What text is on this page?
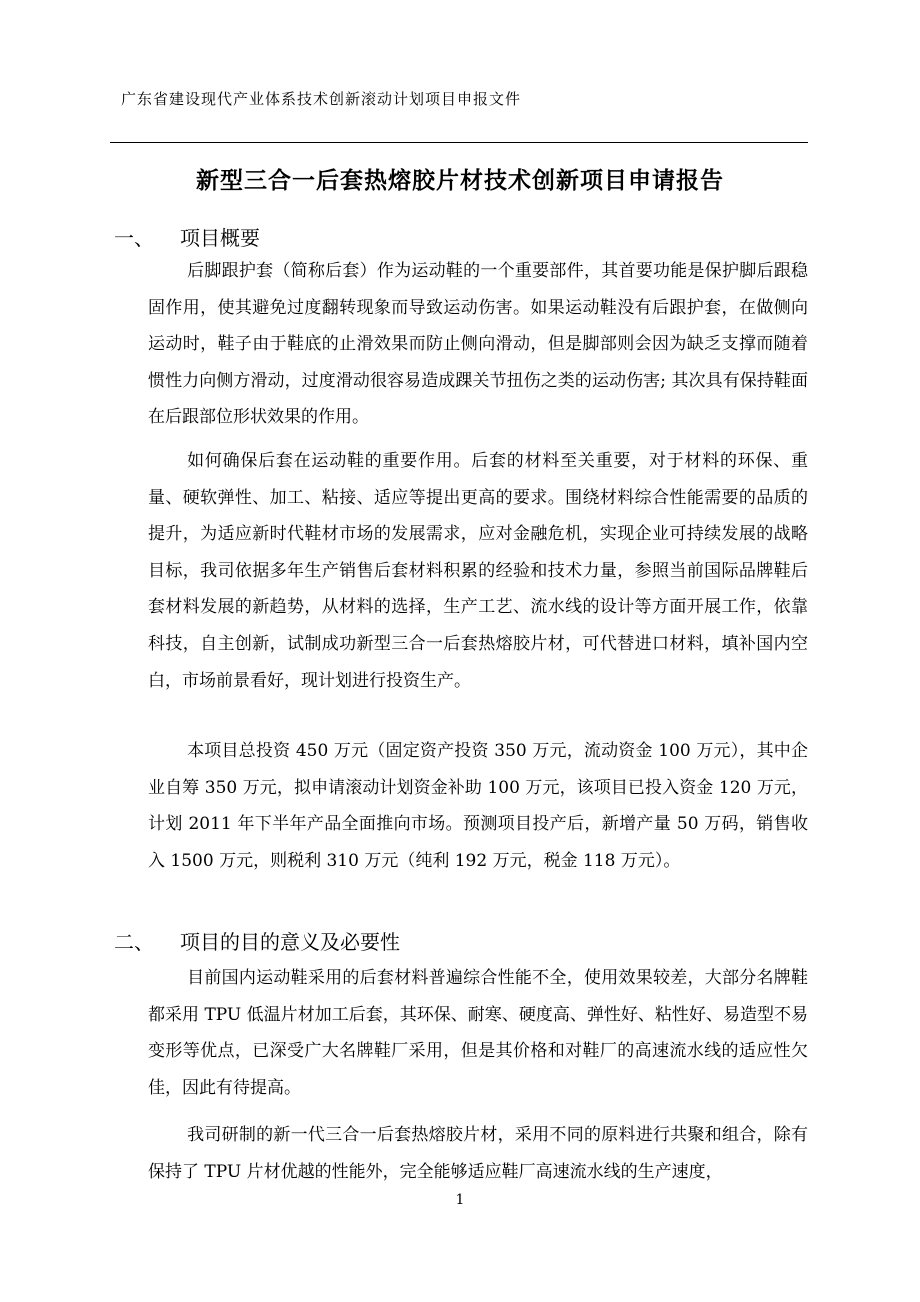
广东省建设现代产业体系技术创新滚动计划项目申报文件
新型三合一后套热熔胶片材技术创新项目申请报告
一、 项目概要

后脚跟护套（简称后套）作为运动鞋的一个重要部件，其首要功能是保护脚后跟稳固作用，使其避免过度翻转现象而导致运动伤害。如果运动鞋没有后跟护套，在做侧向运动时，鞋子由于鞋底的止滑效果而防止侧向滑动，但是脚部则会因为缺乏支撑而随着惯性力向侧方滑动，过度滑动很容易造成踝关节扭伤之类的运动伤害; 其次具有保持鞋面在后跟部位形状效果的作用。

如何确保后套在运动鞋的重要作用。后套的材料至关重要，对于材料的环保、重量、硬软弹性、加工、粘接、适应等提出更高的要求。围绕材料综合性能需要的品质的提升，为适应新时代鞋材市场的发展需求，应对金融危机，实现企业可持续发展的战略目标，我司依据多年生产销售后套材料积累的经验和技术力量，参照当前国际品牌鞋后套材料发展的新趋势，从材料的选择，生产工艺、流水线的设计等方面开展工作，依靠科技，自主创新，试制成功新型三合一后套热熔胶片材，可代替进口材料，填补国内空白，市场前景看好，现计划进行投资生产。

本项目总投资 450 万元（固定资产投资 350 万元，流动资金 100 万元），其中企业自筹 350 万元，拟申请滚动计划资金补助 100 万元，该项目已投入资金 120 万元，计划 2011 年下半年产品全面推向市场。预测项目投产后，新增产量 50 万码，销售收入 1500 万元，则税利 310 万元（纯利 192 万元，税金 118 万元）。

二、 项目的目的意义及必要性

目前国内运动鞋采用的后套材料普遍综合性能不全，使用效果较差，大部分名牌鞋都采用 TPU 低温片材加工后套，其环保、耐寒、硬度高、弹性好、粘性好、易造型不易变形等优点，已深受广大名牌鞋厂采用，但是其价格和对鞋厂的高速流水线的适应性欠佳，因此有待提高。

我司研制的新一代三合一后套热熔胶片材，采用不同的原料进行共聚和组合，除有保持了 TPU 片材优越的性能外，完全能够适应鞋厂高速流水线的生产速度，

1
